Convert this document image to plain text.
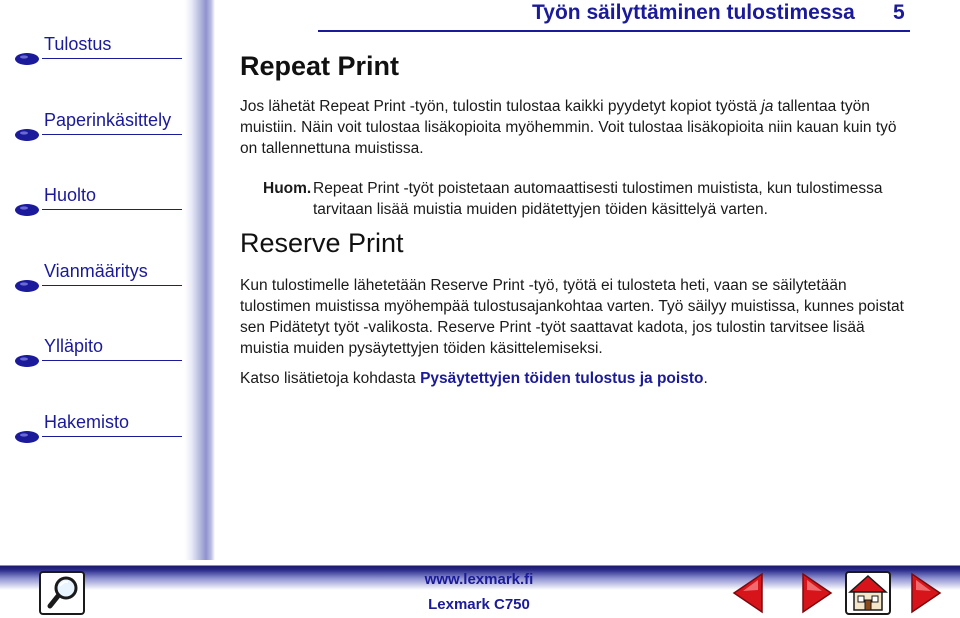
Tulostus
Paperinkäsittely
Huolto
Vianmääritys
Ylläpito
Hakemisto
Työn säilyttäminen tulostimessa 5
Repeat Print
Jos lähetät Repeat Print -työn, tulostin tulostaa kaikki pyydetyt kopiot työstä ja tallentaa työn muistiin. Näin voit tulostaa lisäkopioita myöhemmin. Voit tulostaa lisäkopioita niin kauan kuin työ on tallennettuna muistissa.
Huom. Repeat Print -työt poistetaan automaattisesti tulostimen muistista, kun tulostimessa tarvitaan lisää muistia muiden pidätettyjen töiden käsittelyä varten.
Reserve Print
Kun tulostimelle lähetetään Reserve Print -työ, työtä ei tulosteta heti, vaan se säilytetään tulostimen muistissa myöhempää tulostusajankohtaa varten. Työ säilyy muistissa, kunnes poistat sen Pidätetyt työt -valikosta. Reserve Print -työt saattavat kadota, jos tulostin tarvitsee lisää muistia muiden pysäytettyjen töiden käsittelemiseksi.
Katso lisätietoja kohdasta Pysäytettyjen töiden tulostus ja poisto.
www.lexmark.fi
Lexmark C750
